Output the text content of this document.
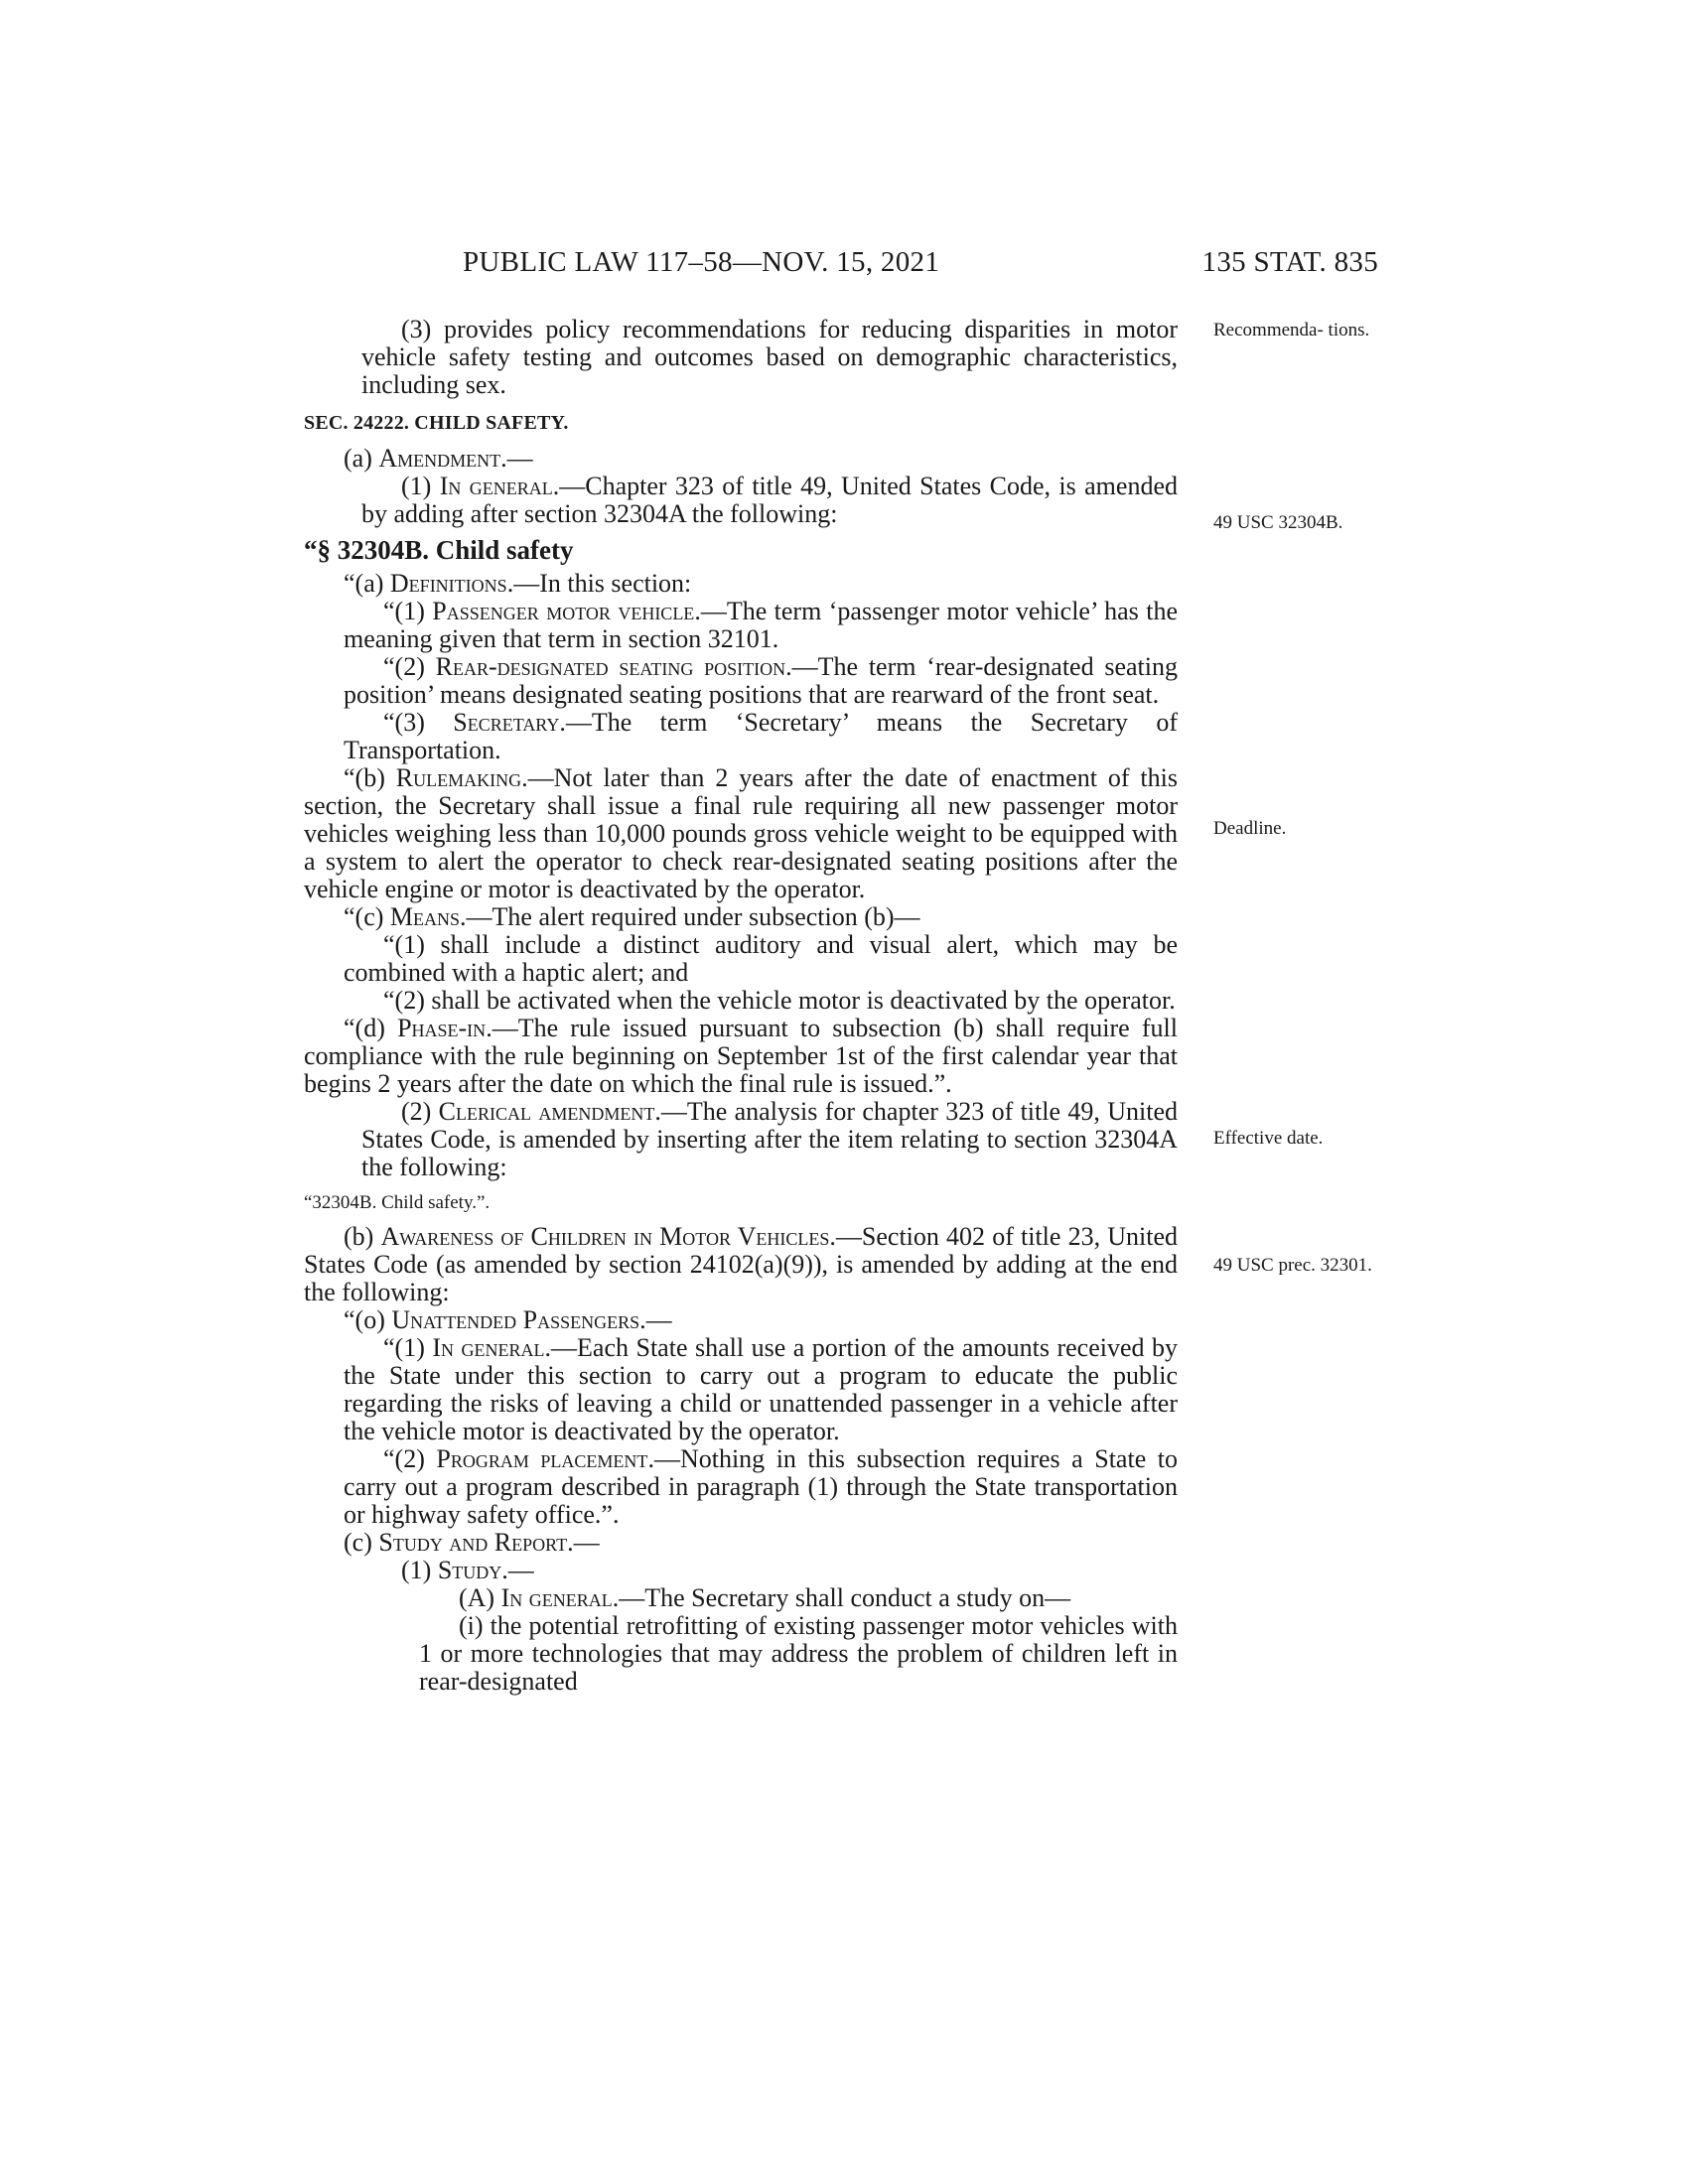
PUBLIC LAW 117–58—NOV. 15, 2021	135 STAT. 835
Recommenda- tions.
49 USC 32304B.
Deadline.
Effective date.
49 USC prec. 32301.

(3) provides policy recommendations for reducing disparities in motor vehicle safety testing and outcomes based on demographic characteristics, including sex.

SEC. 24222. CHILD SAFETY.

(a) Amendment.—

(1) In general.—Chapter 323 of title 49, United States Code, is amended by adding after section 32304A the following:

“§ 32304B. Child safety

“(a) Definitions.—In this section:

“(1) Passenger motor vehicle.—The term ‘passenger motor vehicle’ has the meaning given that term in section 32101.

“(2) Rear-designated seating position.—The term ‘rear-designated seating position’ means designated seating positions that are rearward of the front seat.

“(3) Secretary.—The term ‘Secretary’ means the Secretary of Transportation.

“(b) Rulemaking.—Not later than 2 years after the date of enactment of this section, the Secretary shall issue a final rule requiring all new passenger motor vehicles weighing less than 10,000 pounds gross vehicle weight to be equipped with a system to alert the operator to check rear-designated seating positions after the vehicle engine or motor is deactivated by the operator.

“(c) Means.—The alert required under subsection (b)—

“(1) shall include a distinct auditory and visual alert, which may be combined with a haptic alert; and

“(2) shall be activated when the vehicle motor is deactivated by the operator.

“(d) Phase-in.—The rule issued pursuant to subsection (b) shall require full compliance with the rule beginning on September 1st of the first calendar year that begins 2 years after the date on which the final rule is issued.”.

(2) Clerical amendment.—The analysis for chapter 323 of title 49, United States Code, is amended by inserting after the item relating to section 32304A the following:

“32304B. Child safety.”.

(b) Awareness of Children in Motor Vehicles.—Section 402 of title 23, United States Code (as amended by section 24102(a)(9)), is amended by adding at the end the following:

“(o) Unattended Passengers.—

“(1) In general.—Each State shall use a portion of the amounts received by the State under this section to carry out a program to educate the public regarding the risks of leaving a child or unattended passenger in a vehicle after the vehicle motor is deactivated by the operator.

“(2) Program placement.—Nothing in this subsection requires a State to carry out a program described in paragraph (1) through the State transportation or highway safety office.”.

(c) Study and Report.—

(1) Study.—

(A) In general.—The Secretary shall conduct a study on—

(i) the potential retrofitting of existing passenger motor vehicles with 1 or more technologies that may address the problem of children left in rear-designated
